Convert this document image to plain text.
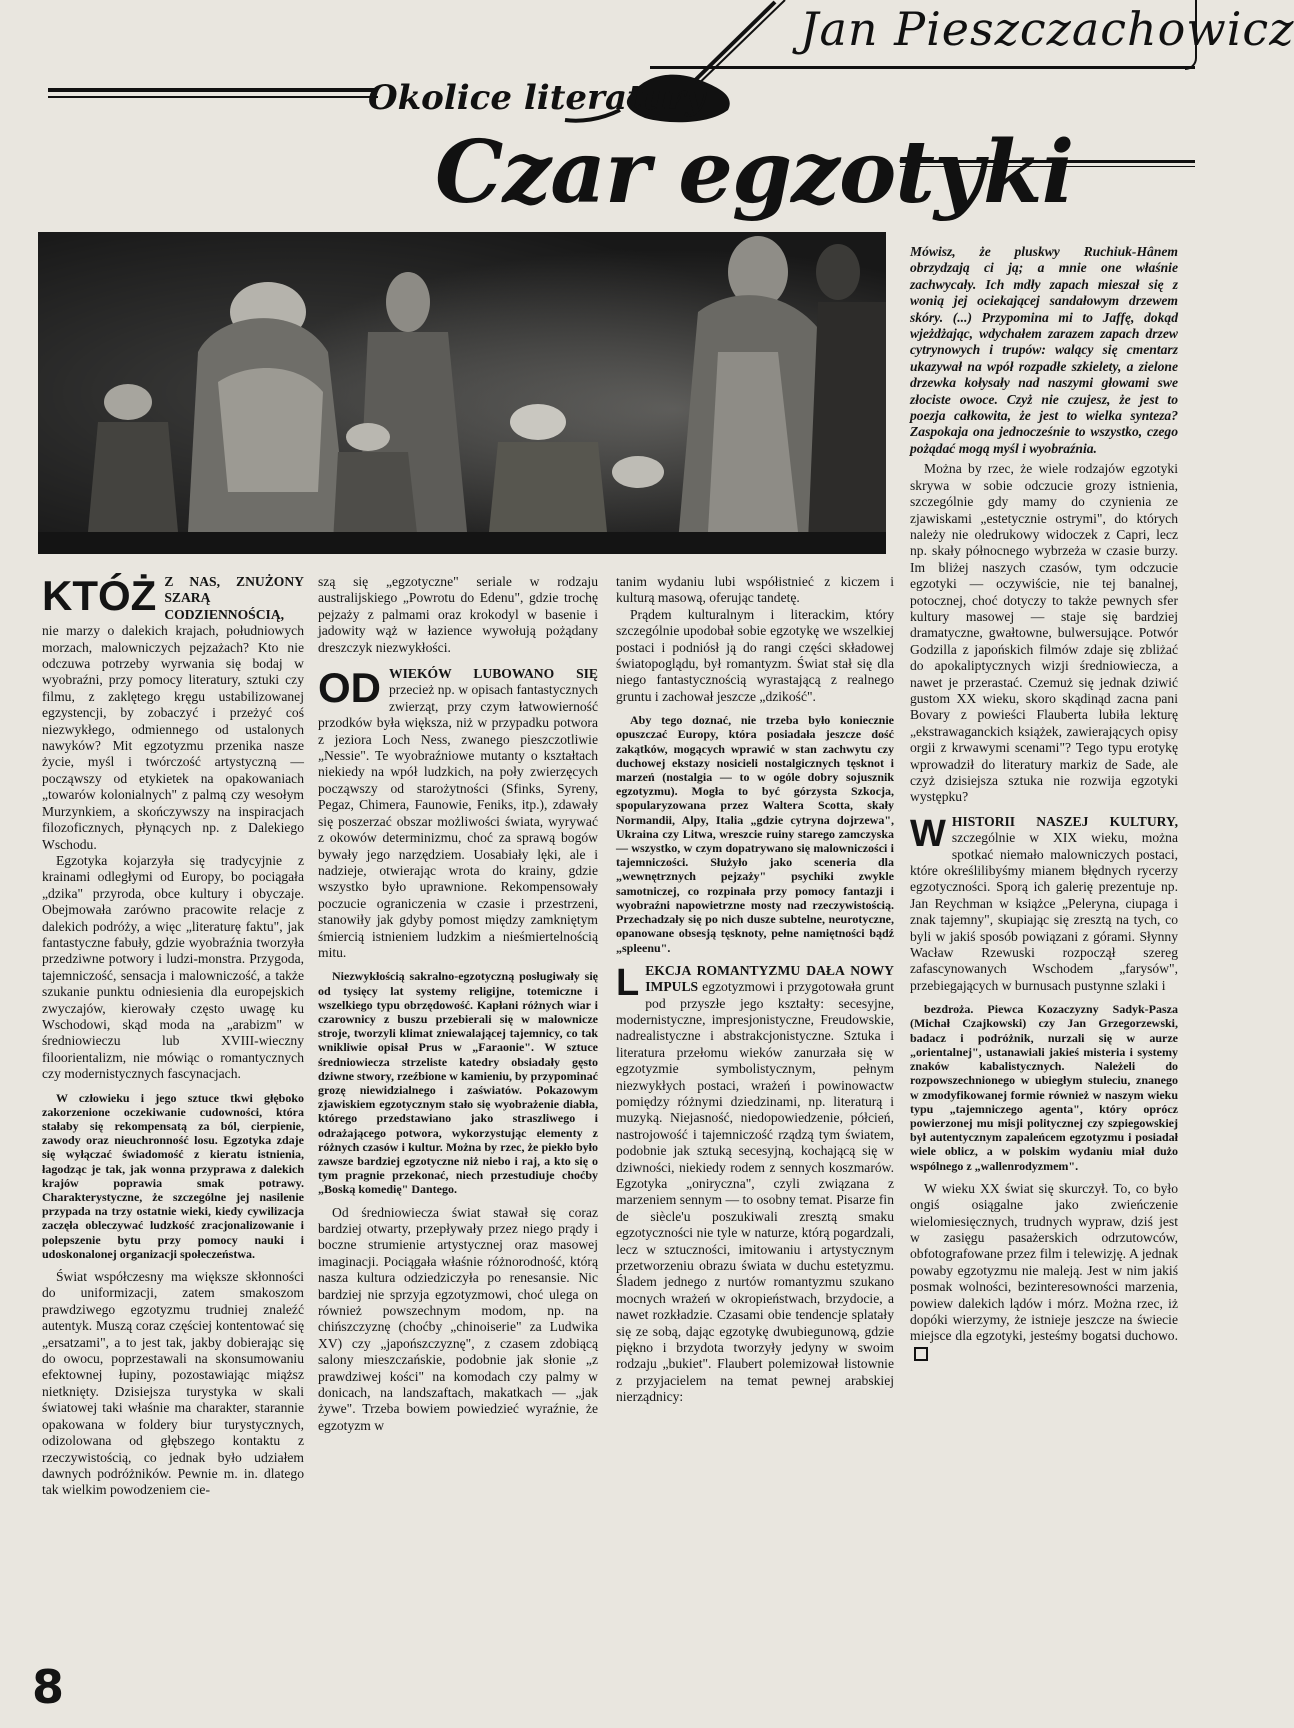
Jan Pieszczachowicz
Okolice literatury
Czar egzotyki

KTÓŻ Z NAS, ZNUŻONY SZARĄ CODZIENNOŚCIĄ, nie marzy o dalekich krajach, południowych morzach, malowniczych pejzażach? Kto nie odczuwa potrzeby wyrwania się bodaj w wyobraźni, przy pomocy literatury, sztuki czy filmu, z zaklętego kręgu ustabilizowanej egzystencji, by zobaczyć i przeżyć coś niezwykłego, odmiennego od ustalonych nawyków? Mit egzotyzmu przenika nasze życie, myśl i twórczość artystyczną — począwszy od etykietek na opakowaniach „towarów kolonialnych" z palmą czy wesołym Murzynkiem, a skończywszy na inspiracjach filozoficznych, płynących np. z Dalekiego Wschodu.

Egzotyka kojarzyła się tradycyjnie z krainami odległymi od Europy, bo pociągała „dzika" przyroda, obce kultury i obyczaje. Obejmowała zarówno pracowite relacje z dalekich podróży, a więc „literaturę faktu", jak fantastyczne fabuły, gdzie wyobraźnia tworzyła przedziwne potwory i ludzi-monstra. Przygoda, tajemniczość, sensacja i malowniczość, a także szukanie punktu odniesienia dla europejskich zwyczajów, kierowały często uwagę ku Wschodowi, skąd moda na „arabizm" w średniowieczu lub XVIII-wieczny filoorientalizm, nie mówiąc o romantycznych czy modernistycznych fascynacjach.

W człowieku i jego sztuce tkwi głęboko zakorzenione oczekiwanie cudowności, która stałaby się rekompensatą za ból, cierpienie, zawody oraz nieuchronność losu. Egzotyka zdaje się wyłączać świadomość z kieratu istnienia, łagodząc je tak, jak wonna przyprawa z dalekich krajów poprawia smak potrawy. Charakterystyczne, że szczególne jej nasilenie przypada na trzy ostatnie wieki, kiedy cywilizacja zaczęła obleczywać ludzkość zracjonalizowanie i polepszenie bytu przy pomocy nauki i udoskonalonej organizacji społeczeństwa.

Świat współczesny ma większe skłonności do uniformizacji, zatem smakoszom prawdziwego egzotyzmu trudniej znaleźć autentyk. Muszą coraz częściej kontentować się „ersatzami", a to jest tak, jakby dobierając się do owocu, poprzestawali na skonsumowaniu efektownej łupiny, pozostawiając miąższ nietknięty. Dzisiejsza turystyka w skali światowej taki właśnie ma charakter, starannie opakowana w foldery biur turystycznych, odizolowana od głębszego kontaktu z rzeczywistością, co jednak było udziałem dawnych podróżników. Pewnie m. in. dlatego tak wielkim powodzeniem cie-

szą się „egzotyczne" seriale w rodzaju australijskiego „Powrotu do Edenu", gdzie trochę pejzaży z palmami oraz krokodyl w basenie i jadowity wąż w łazience wywołują pożądany dreszczyk niezwykłości.

OD WIEKÓW LUBOWANO SIĘ przecież np. w opisach fantastycznych zwierząt, przy czym łatwowierność przodków była większa, niż w przypadku potwora z jeziora Loch Ness, zwanego pieszczotliwie „Nessie". Te wyobraźniowe mutanty o kształtach niekiedy na wpół ludzkich, na poły zwierzęcych począwszy od starożytności (Sfinks, Syreny, Pegaz, Chimera, Faunowie, Feniks, itp.), zdawały się poszerzać obszar możliwości świata, wyrywać z okowów determinizmu, choć za sprawą bogów bywały jego narzędziem. Uosabiały lęki, ale i nadzieje, otwierając wrota do krainy, gdzie wszystko było uprawnione. Rekompensowały poczucie ograniczenia w czasie i przestrzeni, stanowiły jak gdyby pomost między zamkniętym śmiercią istnieniem ludzkim a nieśmiertelnością mitu.

Niezwykłością sakralno-egzotyczną posługiwały się od tysięcy lat systemy religijne, totemiczne i wszelkiego typu obrzędowość. Kapłani różnych wiar i czarownicy z buszu przebierali się w malownicze stroje, tworzyli klimat zniewalającej tajemnicy, co tak wnikliwie opisał Prus w „Faraonie". W sztuce średniowiecza strzeliste katedry obsiadały gęsto dziwne stwory, rzeźbione w kamieniu, by przypominać grozę niewidzialnego i zaświatów. Pokazowym zjawiskiem egzotycznym stało się wyobrażenie diabła, którego przedstawiano jako straszliwego i odrażającego potwora, wykorzystując elementy z różnych czasów i kultur. Można by rzec, że piekło było zawsze bardziej egzotyczne niż niebo i raj, a kto się o tym pragnie przekonać, niech przestudiuje choćby „Boską komedię" Dantego.

Od średniowiecza świat stawał się coraz bardziej otwarty, przepływały przez niego prądy i boczne strumienie artystycznej oraz masowej imaginacji. Pociągała właśnie różnorodność, którą nasza kultura odziedziczyła po renesansie. Nic bardziej nie sprzyja egzotyzmowi, choć ulega on również powszechnym modom, np. na chińszczyznę (choćby „chinoiserie" za Ludwika XV) czy „japońszczyznę", z czasem zdobiącą salony mieszczańskie, podobnie jak słonie „z prawdziwej kości" na komodach czy palmy w donicach, na landszaftach, makatkach — „jak żywe". Trzeba bowiem powiedzieć wyraźnie, że egzotyzm w

tanim wydaniu lubi współistnieć z kiczem i kulturą masową, oferując tandetę.

Prądem kulturalnym i literackim, który szczególnie upodobał sobie egzotykę we wszelkiej postaci i podniósł ją do rangi części składowej światopoglądu, był romantyzm. Świat stał się dla niego fantastycznością wyrastającą z realnego gruntu i zachował jeszcze „dzikość".

Aby tego doznać, nie trzeba było koniecznie opuszczać Europy, która posiadała jeszcze dość zakątków, mogących wprawić w stan zachwytu czy duchowej ekstazy nosicieli nostalgicznych tęsknot i marzeń (nostalgia — to w ogóle dobry sojusznik egzotyzmu). Mogła to być górzysta Szkocja, spopularyzowana przez Waltera Scotta, skały Normandii, Alpy, Italia „gdzie cytryna dojrzewa", Ukraina czy Litwa, wreszcie ruiny starego zamczyska — wszystko, w czym dopatrywano się malowniczości i tajemniczości. Służyło jako sceneria dla „wewnętrznych pejzaży" psychiki zwykle samotniczej, co rozpinała przy pomocy fantazji i wyobraźni napowietrzne mosty nad rzeczywistością. Przechadzały się po nich dusze subtelne, neurotyczne, opanowane obsesją tęsknoty, pełne namiętności bądź „spleenu".

L EKCJA ROMANTYZMU DAŁA NOWY IMPULS egzotyzmowi i przygotowała grunt pod przyszłe jego kształty: secesyjne, modernistyczne, impresjonistyczne, Freudowskie, nadrealistyczne i abstrakcjonistyczne. Sztuka i literatura przełomu wieków zanurzała się w egzotyzmie symbolistycznym, pełnym niezwykłych postaci, wrażeń i powinowactw pomiędzy różnymi dziedzinami, np. literaturą i muzyką. Niejasność, niedopowiedzenie, półcień, nastrojowość i tajemniczość rządzą tym światem, podobnie jak sztuką secesyjną, kochającą się w dziwności, niekiedy rodem z sennych koszmarów. Egzotyka „oniryczna", czyli związana z marzeniem sennym — to osobny temat. Pisarze fin de siècle'u poszukiwali zresztą smaku egzotyczności nie tyle w naturze, którą pogardzali, lecz w sztuczności, imitowaniu i artystycznym przetworzeniu obrazu świata w duchu estetyzmu. Śladem jednego z nurtów romantyzmu szukano mocnych wrażeń w okropieństwach, brzydocie, a nawet rozkładzie. Czasami obie tendencje splatały się ze sobą, dając egzotykę dwubiegunową, gdzie piękno i brzydota tworzyły jedyny w swoim rodzaju „bukiet". Flaubert polemizował listownie z przyjacielem na temat pewnej arabskiej nierządnicy:

Mówisz, że pluskwy Ruchiuk-Hânem obrzydzają ci ją; a mnie one właśnie zachwycały. Ich mdły zapach mieszał się z wonią jej ociekającej sandałowym drzewem skóry. (...) Przypomina mi to Jaffę, dokąd wjeżdżając, wdychałem zarazem zapach drzew cytrynowych i trupów: walący się cmentarz ukazywał na wpół rozpadłe szkielety, a zielone drzewka kołysały nad naszymi głowami swe złociste owoce. Czyż nie czujesz, że jest to poezja całkowita, że jest to wielka synteza? Zaspokaja ona jednocześnie to wszystko, czego pożądać mogą myśl i wyobraźnia.

Można by rzec, że wiele rodzajów egzotyki skrywa w sobie odczucie grozy istnienia, szczególnie gdy mamy do czynienia ze zjawiskami „estetycznie ostrymi", do których należy nie oledrukowy widoczek z Capri, lecz np. skały północnego wybrzeża w czasie burzy. Im bliżej naszych czasów, tym odczucie egzotyki — oczywiście, nie tej banalnej, potocznej, choć dotyczy to także pewnych sfer kultury masowej — staje się bardziej dramatyczne, gwałtowne, bulwersujące. Potwór Godzilla z japońskich filmów zdaje się zbliżać do apokaliptycznych wizji średniowiecza, a nawet je przerastać. Czemuż się jednak dziwić gustom XX wieku, skoro skądinąd zacna pani Bovary z powieści Flauberta lubiła lekturę „ekstrawaganckich książek, zawierających opisy orgii z krwawymi scenami"? Tego typu erotykę wprowadził do literatury markiz de Sade, ale czyż dzisiejsza sztuka nie rozwija egzotyki występku?

W HISTORII NASZEJ KULTURY, szczególnie w XIX wieku, można spotkać niemało malowniczych postaci, które określilibyśmy mianem błędnych rycerzy egzotyczności. Sporą ich galerię prezentuje np. Jan Reychman w książce „Peleryna, ciupaga i znak tajemny", skupiając się zresztą na tych, co byli w jakiś sposób powiązani z górami. Słynny Wacław Rzewuski rozpoczął szereg zafascynowanych Wschodem „farysów", przebiegających w burnusach pustynne szlaki i

bezdroża. Piewca Kozaczyzny Sadyk-Pasza (Michał Czajkowski) czy Jan Grzegorzewski, badacz i podróżnik, nurzali się w aurze „orientalnej", ustanawiali jakieś misteria i systemy znaków kabalistycznych. Należeli do rozpowszechnionego w ubiegłym stuleciu, znanego w zmodyfikowanej formie również w naszym wieku typu „tajemniczego agenta", który oprócz powierzonej mu misji politycznej czy szpiegowskiej był autentycznym zapaleńcem egzotyzmu i posiadał wiele oblicz, a w polskim wydaniu miał dużo wspólnego z „wallenrodyzmem".

W wieku XX świat się skurczył. To, co było ongiś osiągalne jako zwieńczenie wielomiesięcznych, trudnych wypraw, dziś jest w zasięgu pasażerskich odrzutowców, obfotografowane przez film i telewizję. A jednak powaby egzotyzmu nie maleją. Jest w nim jakiś posmak wolności, bezinteresowności marzenia, powiew dalekich lądów i mórz. Można rzec, iż dopóki wierzymy, że istnieje jeszcze na świecie miejsce dla egzotyki, jesteśmy bogatsi duchowo.

8
